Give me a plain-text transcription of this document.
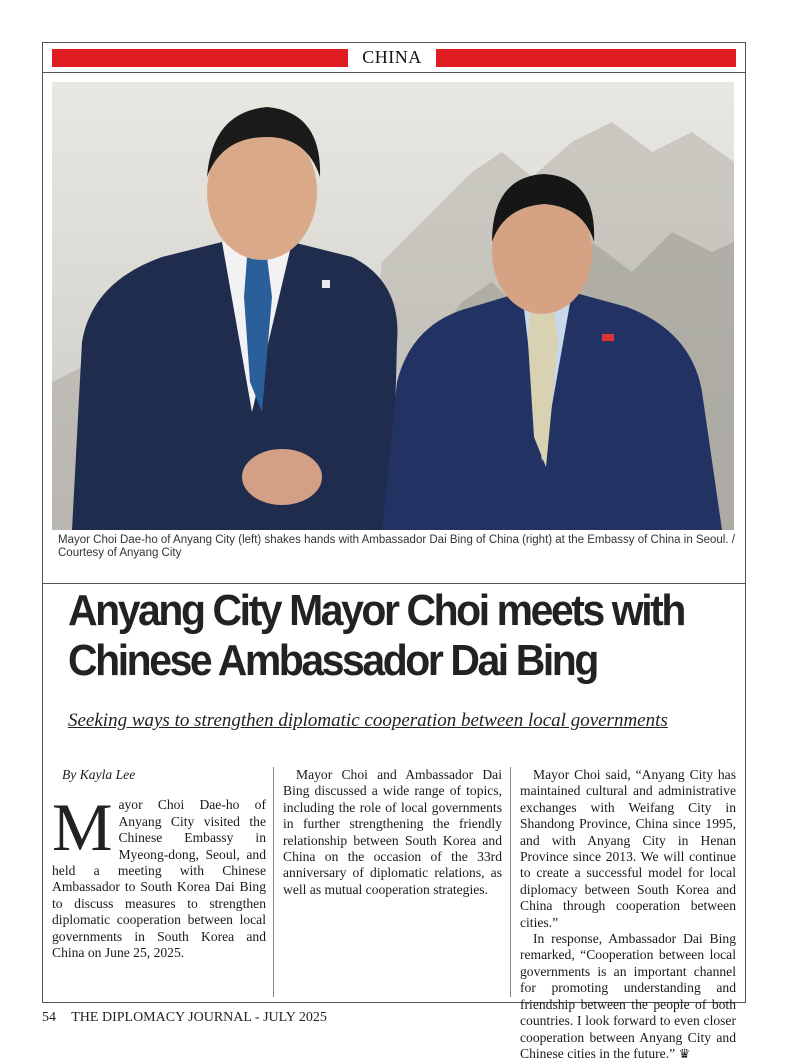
CHINA
Mayor Choi Dae-ho of Anyang City (left) shakes hands with Ambassador Dai Bing of China (right) at the Embassy of China in Seoul. / Courtesy of Anyang City
Anyang City Mayor Choi meets with
Chinese Ambassador Dai Bing
Seeking ways to strengthen diplomatic cooperation between local governments
By Kayla Lee

Mayor Choi Dae-ho of Anyang City visited the Chinese Embassy in Myeong-dong, Seoul, and held a meeting with Chinese Ambassador to South Korea Dai Bing to discuss measures to strengthen diplomatic cooperation between local governments in South Korea and China on June 25, 2025.

Mayor Choi and Ambassador Dai Bing discussed a wide range of topics, including the role of local governments in further strengthening the friendly relationship between South Korea and China on the occasion of the 33rd anniversary of diplomatic relations, as well as mutual cooperation strategies.

Mayor Choi said, “Anyang City has maintained cultural and administrative exchanges with Weifang City in Shandong Province, China since 1995, and with Anyang City in Henan Province since 2013. We will continue to create a successful model for local diplomacy between South Korea and China through cooperation between cities.”

In response, Ambassador Dai Bing remarked, “Cooperation between local governments is an important channel for promoting understanding and friendship between the people of both countries. I look forward to even closer cooperation between Anyang City and Chinese cities in the future.” ♛

54 THE DIPLOMACY JOURNAL - JULY 2025
